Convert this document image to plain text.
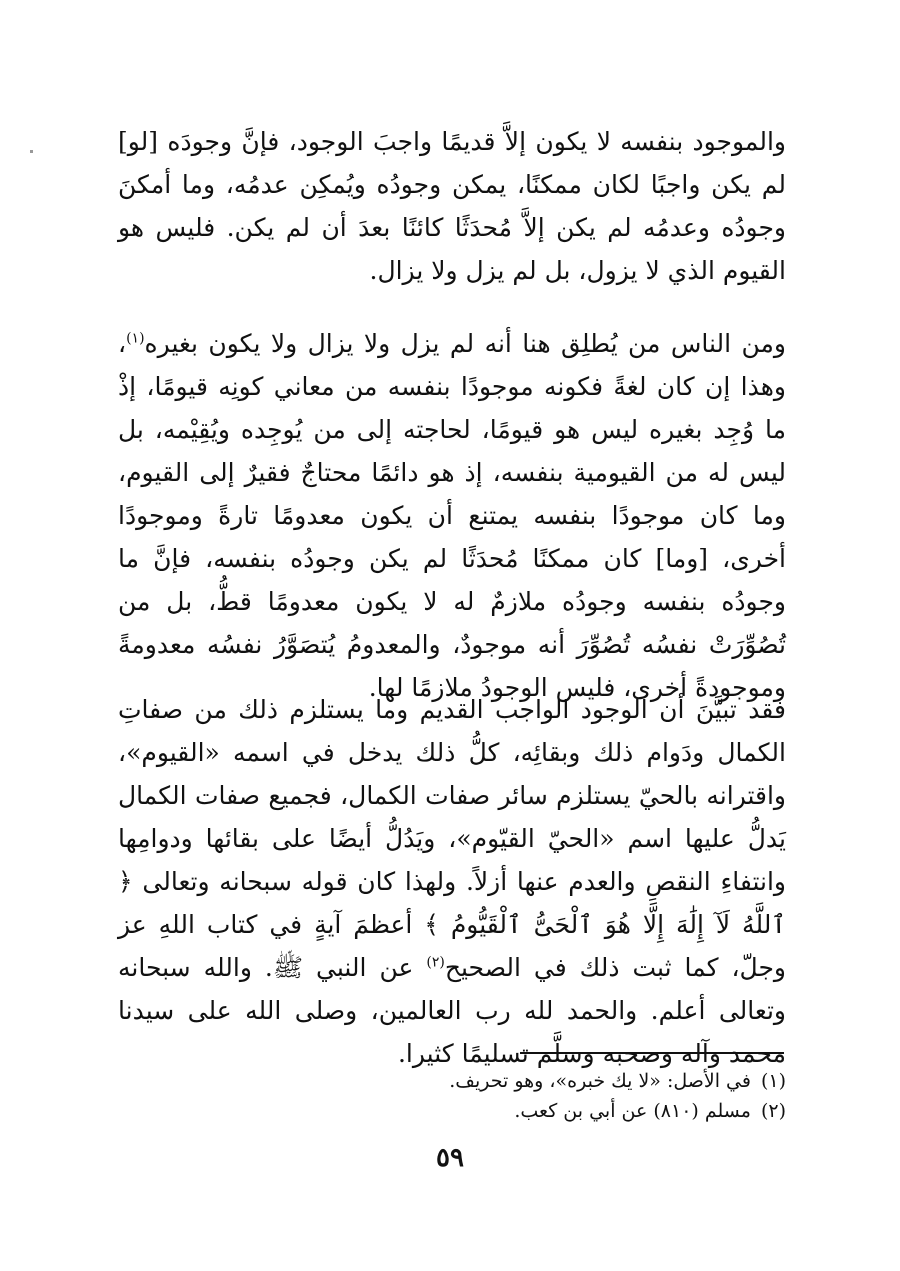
والموجود بنفسه لا يكون إلاَّ قديمًا واجبَ الوجود، فإنَّ وجودَه [لو] لم يكن واجبًا لكان ممكنًا، يمكن وجودُه ويُمكِن عدمُه، وما أمكنَ وجودُه وعدمُه لم يكن إلاَّ مُحدَثًا كائنًا بعدَ أن لم يكن. فليس هو القيوم الذي لا يزول، بل لم يزل ولا يزال.
ومن الناس من يُطلِق هنا أنه لم يزل ولا يزال ولا يكون بغيره$^{(١)}$، وهذا إن كان لغةً فكونه موجودًا بنفسه من معاني كونِه قيومًا، إذْ ما وُجِد بغيره ليس هو قيومًا، لحاجته إلى من يُوجِده ويُقِيْمه، بل ليس له من القيومية بنفسه، إذ هو دائمًا محتاجٌ فقيرٌ إلى القيوم، وما كان موجودًا بنفسه يمتنع أن يكون معدومًا تارةً وموجودًا أخرى، [وما] كان ممكنًا مُحدَثًا لم يكن وجودُه بنفسه، فإنَّ ما وجودُه بنفسه وجودُه ملازمٌ له لا يكون معدومًا قطُّ، بل من تُصُوِّرَتْ نفسُه تُصُوِّرَ أنه موجودٌ، والمعدومُ يُتصَوَّرُ نفسُه معدومةً وموجودةً أخرى، فليس الوجودُ ملازمًا لها.
فقد تبيَّنَ أن الوجود الواجب القديم وما يستلزم ذلك من صفاتِ الكمال ودَوام ذلك وبقائِه، كلُّ ذلك يدخل في اسمه «القيوم»، واقترانه بالحيّ يستلزم سائر صفات الكمال، فجميع صفات الكمال يَدلُّ عليها اسم «الحيّ القيّوم»، ويَدُلُّ أيضًا على بقائها ودوامِها وانتفاءِ النقصِ والعدم عنها أزلاً. ولهذا كان قوله سبحانه وتعالى ﴿ ٱللَّهُ لَآ إِلَٰهَ إِلَّا هُوَ ٱلْحَىُّ ٱلْقَيُّومُ ﴾ أعظمَ آيةٍ في كتاب اللهِ عز وجلّ، كما ثبت ذلك في الصحيح$^{(٢)}$ عن النبي ﷺ. والله سبحانه وتعالى أعلم. والحمد لله رب العالمين، وصلى الله على سيدنا محمد وآله وصحبه وسلَّم تسليمًا كثيرا.
(١)في الأصل: «لا يك خبره»، وهو تحريف.
(٢)مسلم (٨١٠) عن أبي بن كعب.
٥٩
